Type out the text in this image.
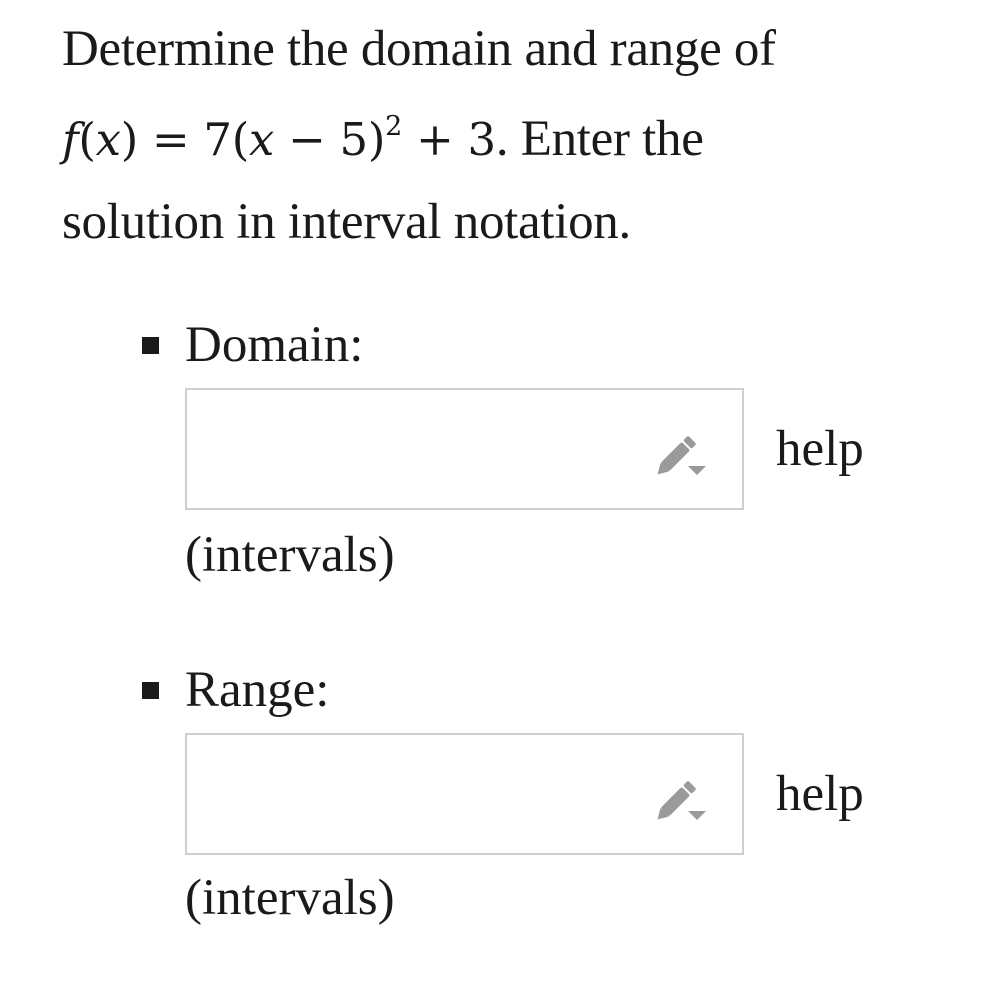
Determine the domain and range of
$f(x) = 7(x - 5)^2 + 3$. Enter the
solution in interval notation.
Domain:
help
(intervals)
Range:
help
(intervals)
